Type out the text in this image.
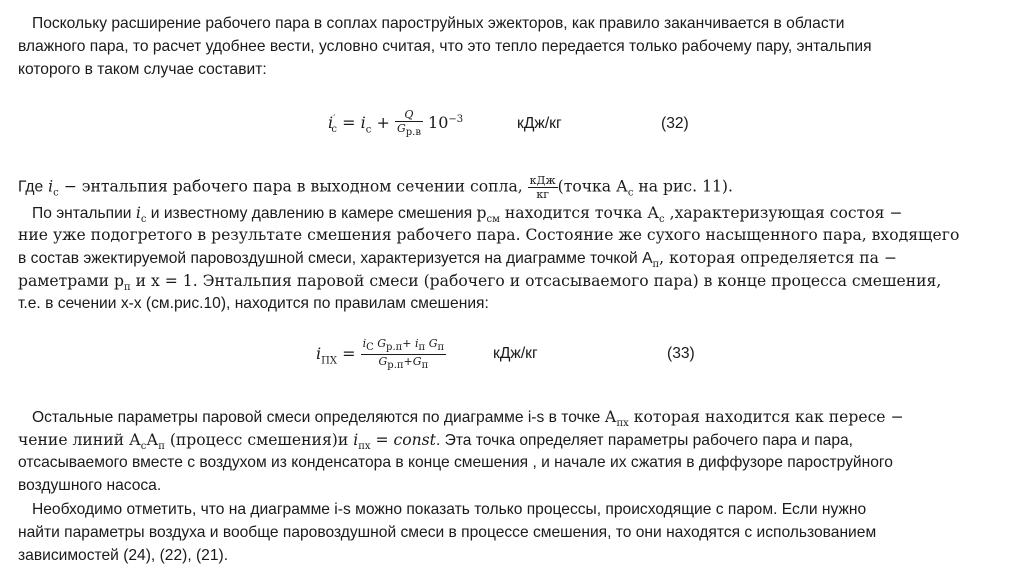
Поскольку расширение рабочего пара в соплах пароструйных эжекторов, как правило заканчивается в области
влажного пара, то расчет удобнее вести, условно считая, что это тепло передается только рабочему пару, энтальпия
которого в таком случае составит:
$i'_с = i_с + \frac{Q}{G_{р.в}} 10^{-3}$	кДж/кг	(32)
Где $i_с$ − энтальпия рабочего пара в выходном сечении сопла, $\frac{\text{кДж}}{кг}$ (точка $А_с$ на рис. 11).
По энтальпии $i_с$ и известному давлению в камере смешения $р_{см}$ находится точка $А_с$ ,характеризующая состоя −
ние уже подогретого в результате смешения рабочего пара. Состояние же сухого насыщенного пара, входящего
в состав эжектируемой паровоздушной смеси, характеризуется на диаграмме точкой $А_п$, которая определяется па −
раметрами $р_п$ и x = 1. Энтальпия паровой смеси (рабочего и отсасываемого пара) в конце процесса смешения,
т.е. в сечении x-x (см.рис.10), находится по правилам смешения:
$i_{ПХ} = \frac{i_С G_{р.п}+ i_п G_п}{G_{р.п}+G_п}$	кДж/кг	(33)
Остальные параметры паровой смеси определяются по диаграмме i-s в точке $А_{пх}$ которая находится как пересе −
чение линий $А_сА_п$ (процесс смешения)и $i_{пх}$ = const. Эта точка определяет параметры рабочего пара и пара,
отсасываемого вместе с воздухом из конденсатора в конце смешения , и начале их сжатия в диффузоре пароструйного
воздушного насоса.
Необходимо отметить, что на диаграмме i-s можно показать только процессы, происходящие с паром. Если нужно
найти параметры воздуха и вообще паровоздушной смеси в процессе смешения, то они находятся с использованием
зависимостей (24), (22), (21).
